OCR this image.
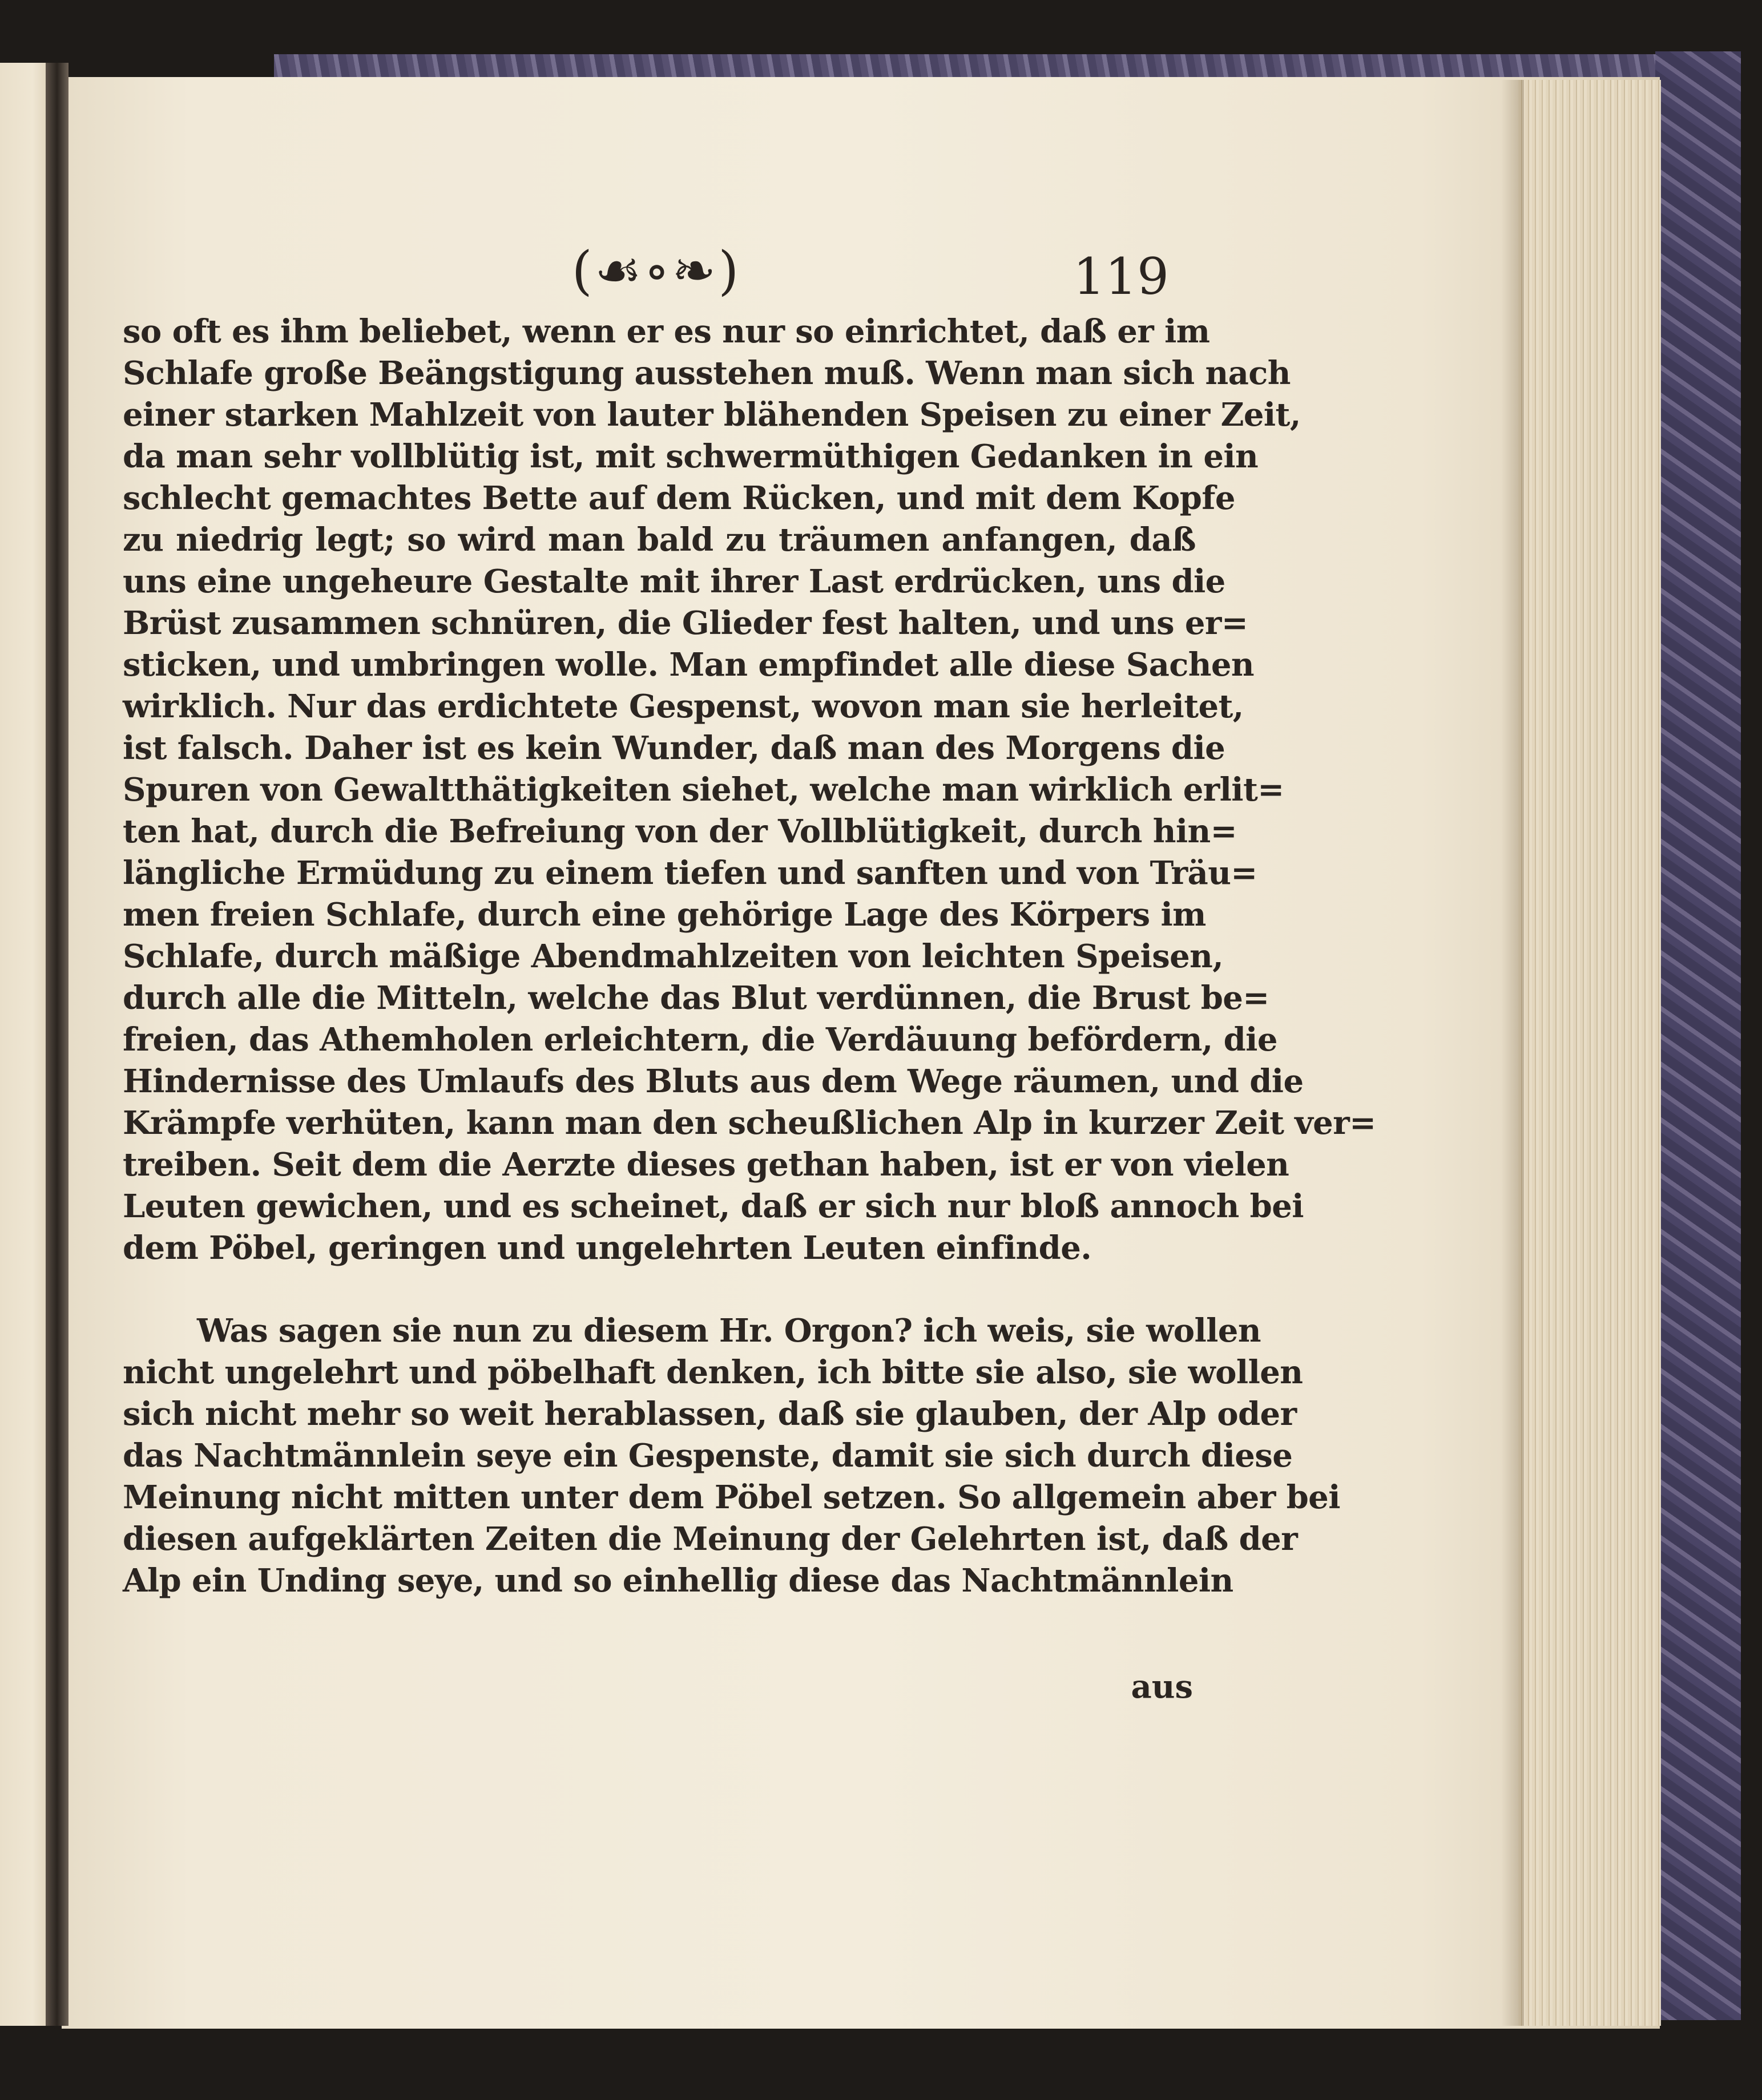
(☙∘❧)	119
so oft es ihm beliebet, wenn er es nur so einrichtet, daß er im
Schlafe große Beängstigung ausstehen muß. Wenn man sich nach
einer starken Mahlzeit von lauter blähenden Speisen zu einer Zeit,
da man sehr vollblütig ist, mit schwermüthigen Gedanken in ein
schlecht gemachtes Bette auf dem Rücken, und mit dem Kopfe
zu niedrig legt; so wird man bald zu träumen anfangen, daß
uns eine ungeheure Gestalte mit ihrer Last erdrücken, uns die
Brüst zusammen schnüren, die Glieder fest halten, und uns er=
sticken, und umbringen wolle. Man empfindet alle diese Sachen
wirklich. Nur das erdichtete Gespenst, wovon man sie herleitet,
ist falsch. Daher ist es kein Wunder, daß man des Morgens die
Spuren von Gewaltthätigkeiten siehet, welche man wirklich erlit=
ten hat, durch die Befreiung von der Vollblütigkeit, durch hin=
längliche Ermüdung zu einem tiefen und sanften und von Träu=
men freien Schlafe, durch eine gehörige Lage des Körpers im
Schlafe, durch mäßige Abendmahlzeiten von leichten Speisen,
durch alle die Mitteln, welche das Blut verdünnen, die Brust be=
freien, das Athemholen erleichtern, die Verdäuung befördern, die
Hindernisse des Umlaufs des Bluts aus dem Wege räumen, und die
Krämpfe verhüten, kann man den scheußlichen Alp in kurzer Zeit ver=
treiben. Seit dem die Aerzte dieses gethan haben, ist er von vielen
Leuten gewichen, und es scheinet, daß er sich nur bloß annoch bei
dem Pöbel, geringen und ungelehrten Leuten einfinde.
Was sagen sie nun zu diesem Hr. Orgon? ich weis, sie wollen
nicht ungelehrt und pöbelhaft denken, ich bitte sie also, sie wollen
sich nicht mehr so weit herablassen, daß sie glauben, der Alp oder
das Nachtmännlein seye ein Gespenste, damit sie sich durch diese
Meinung nicht mitten unter dem Pöbel setzen. So allgemein aber bei
diesen aufgeklärten Zeiten die Meinung der Gelehrten ist, daß der
Alp ein Unding seye, und so einhellig diese das Nachtmännlein
aus
